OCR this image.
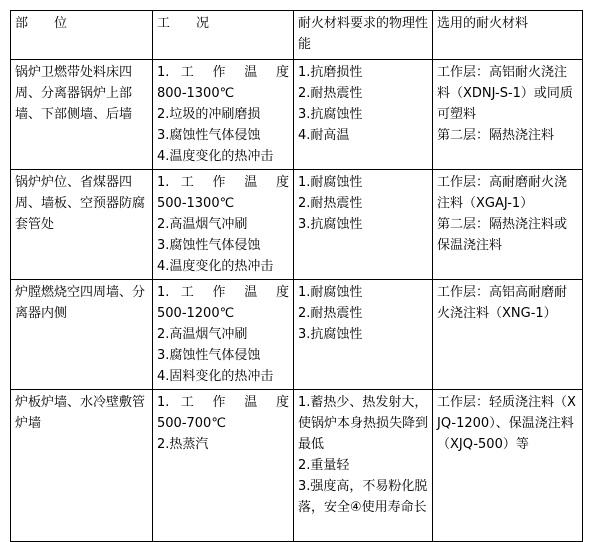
部　　位	工　　况	耐火材料要求的物理性能	选用的耐火材料
锅炉卫燃带处料床四周、分离器锅炉上部墙、下部侧墙、后墙	1. 工 作 温 度
800-1300℃
2.垃圾的冲刷磨损
3.腐蚀性气体侵蚀
4.温度变化的热冲击	1.抗磨损性
2.耐热震性
3.抗腐蚀性
4.耐高温	工作层：高铝耐火浇注料（XDNJ-S-1）或同质可塑料
第二层：隔热浇注料

锅炉炉位、省煤器四周、墙板、空预器防腐套管处	1. 工 作 温 度
500-1300℃
2.高温烟气冲刷
3.腐蚀性气体侵蚀
4.温度变化的热冲击	1.耐腐蚀性
2.耐热震性
3.抗腐蚀性	工作层：高耐磨耐火浇注料（XGAJ-1）
第二层：隔热浇注料或保温浇注料

炉膛燃烧空四周墙、分离器内侧	1. 工 作 温 度
500-1200℃
2.高温烟气冲刷
3.腐蚀性气体侵蚀
4.固料变化的热冲击	1.耐腐蚀性
2.耐热震性
3.抗腐蚀性	工作层：高铝高耐磨耐火浇注料（XNG-1）

炉板炉墙、水冷壁敷管炉墙	1. 工 作 温 度
500-700℃
2.热蒸汽	1.蓄热少、热发射大，使锅炉本身热损失降到最低
2.重量轻
3.强度高，不易粉化脱落，安全④使用寿命长	工作层：轻质浇注料（XJQ-1200）、保温浇注料（XJQ-500）等
